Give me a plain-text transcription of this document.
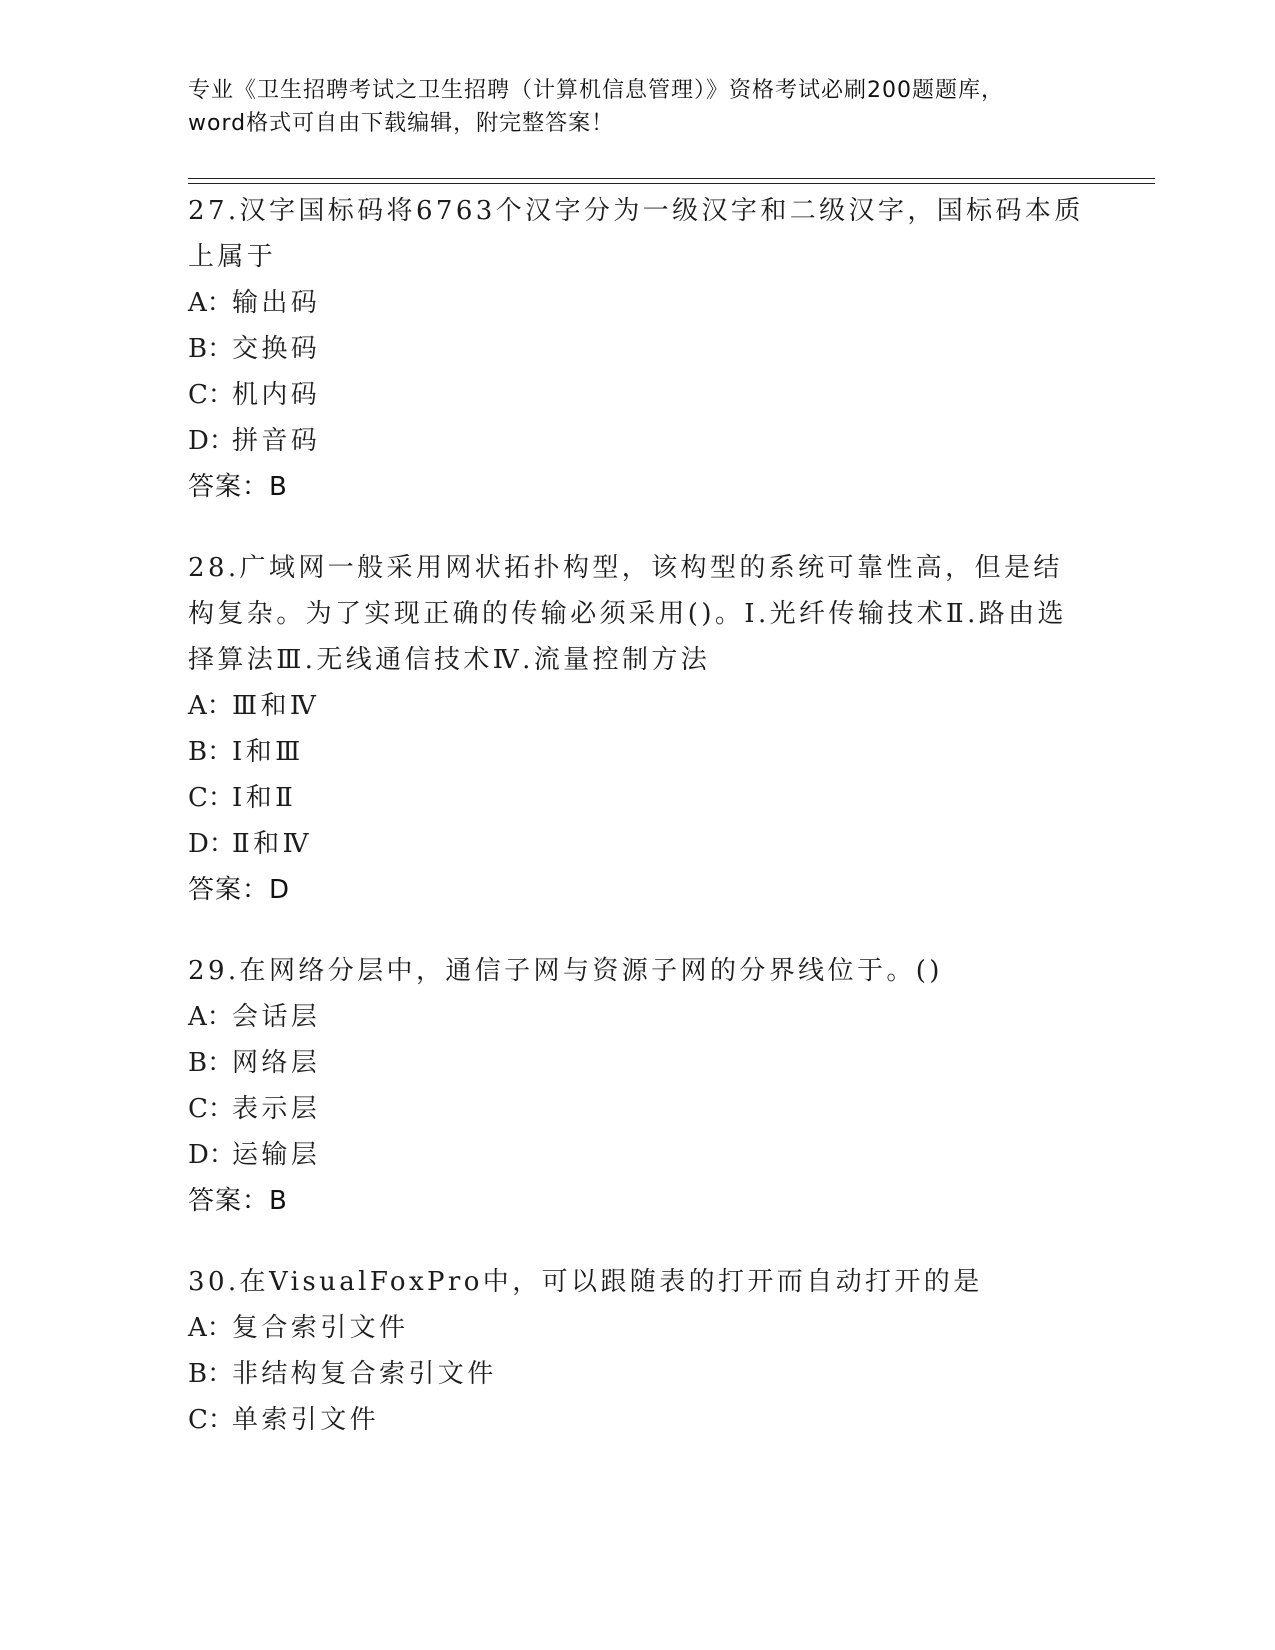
专业《卫生招聘考试之卫生招聘（计算机信息管理）》资格考试必刷200题题库，
word格式可自由下载编辑，附完整答案！
27.汉字国标码将6763个汉字分为一级汉字和二级汉字，国标码本质上属于
A：输出码
B：交换码
C：机内码
D：拼音码
答案：B
28.广域网一般采用网状拓扑构型，该构型的系统可靠性高，但是结构复杂。为了实现正确的传输必须采用()。Ⅰ.光纤传输技术Ⅱ.路由选择算法Ⅲ.无线通信技术Ⅳ.流量控制方法
A：Ⅲ和Ⅳ
B：Ⅰ和Ⅲ
C：Ⅰ和Ⅱ
D：Ⅱ和Ⅳ
答案：D
29.在网络分层中，通信子网与资源子网的分界线位于。()
A：会话层
B：网络层
C：表示层
D：运输层
答案：B
30.在VisualFoxPro中，可以跟随表的打开而自动打开的是
A：复合索引文件
B：非结构复合索引文件
C：单索引文件
